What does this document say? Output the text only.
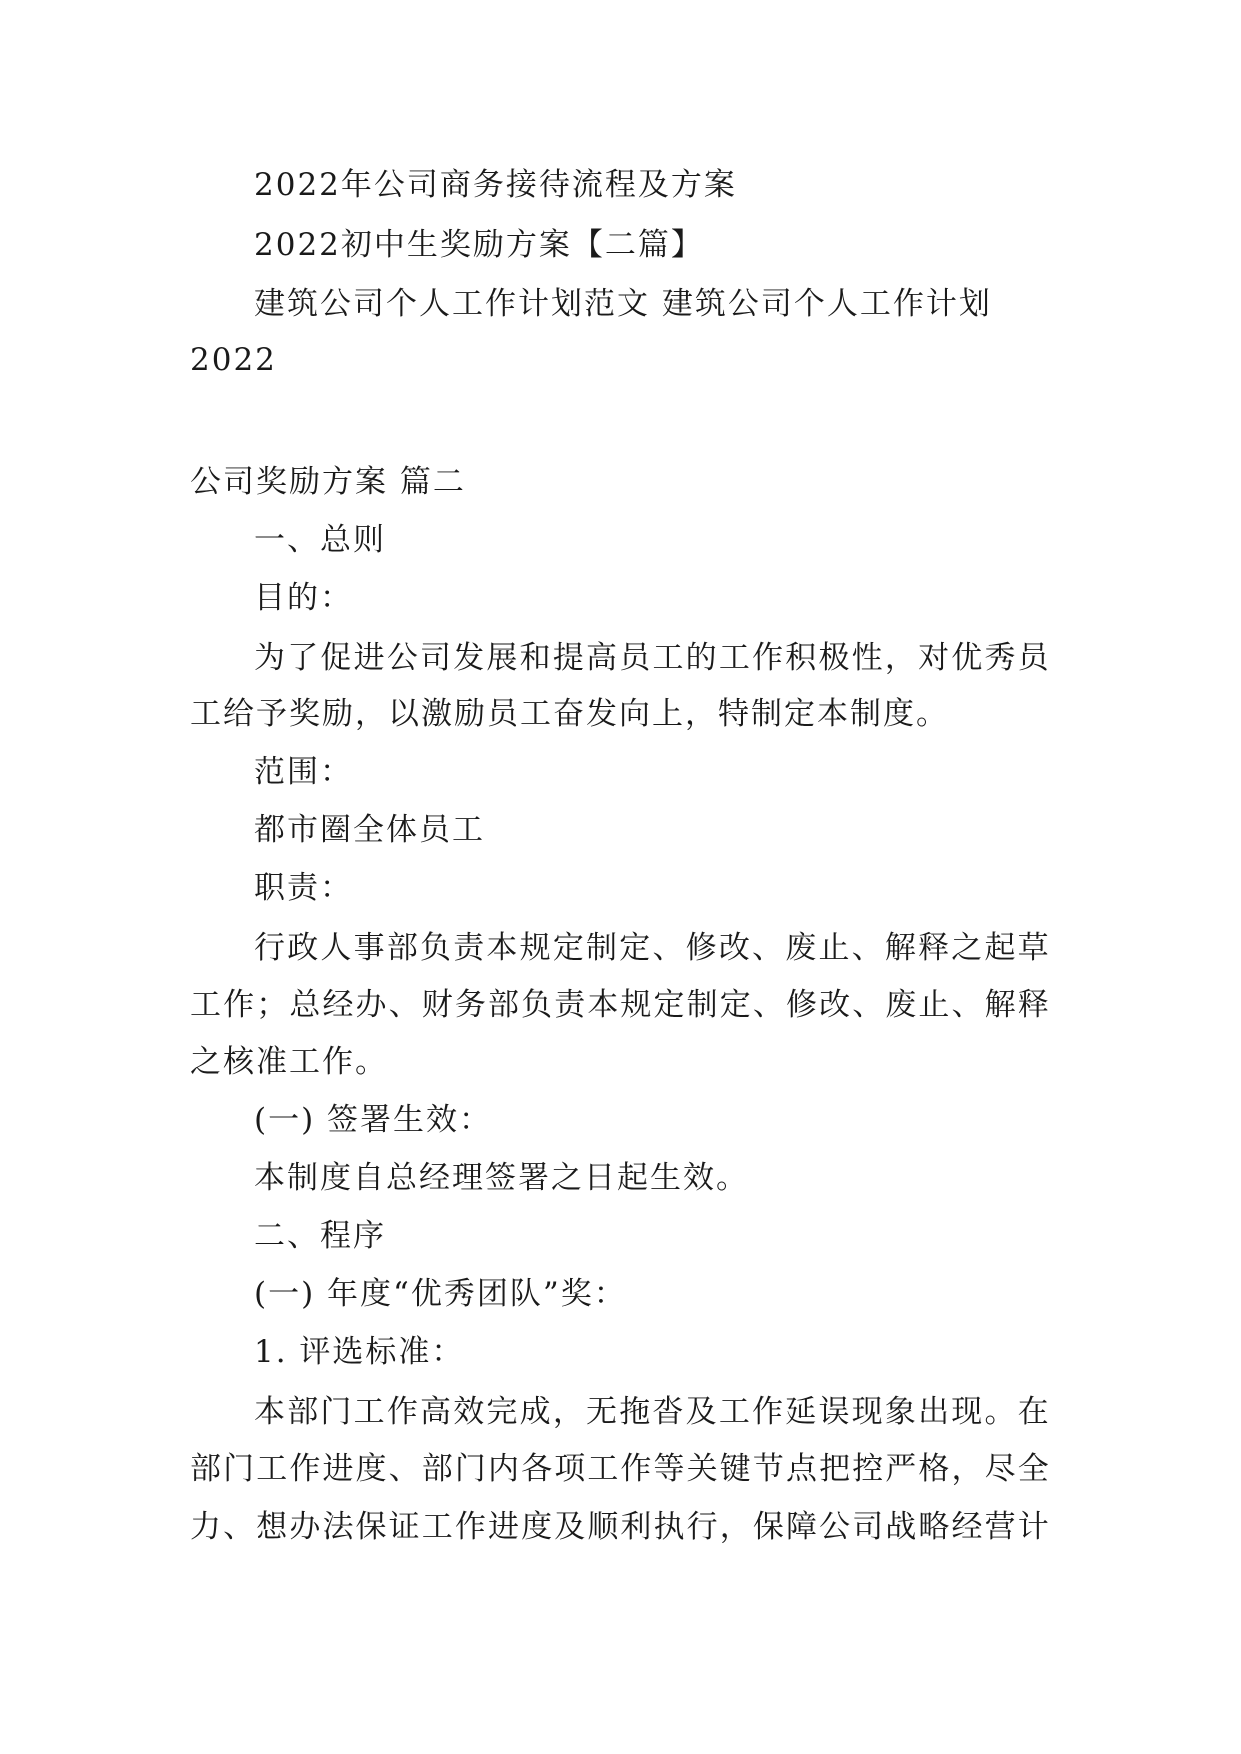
2022年公司商务接待流程及方案
2022初中生奖励方案【二篇】
建筑公司个人工作计划范文 建筑公司个人工作计划
2022
公司奖励方案 篇二
一、总则
目的：
为 了 促 进 公 司 发 展 和 提 高 员 工 的 工 作 积 极 性 ， 对 优 秀 员
工给予奖励，以激励员工奋发向上，特制定本制度。
范围：
都市圈全体员工
职责：
行 政 人 事 部 负 责 本 规 定 制 定 、 修 改 、 废 止 、 解 释 之 起 草
工 作 ； 总 经 办 、 财 务 部 负 责 本 规 定 制 定 、 修 改 、 废 止 、 解 释
之核准工作。
(一) 签署生效：
本制度自总经理签署之日起生效。
二、程序
(一) 年度“优秀团队”奖：
1. 评选标准：
本 部 门 工 作 高 效 完 成 ， 无 拖 沓 及 工 作 延 误 现 象 出 现 。 在
部 门 工 作 进 度 、 部 门 内 各 项 工 作 等 关 键 节 点 把 控 严 格 ， 尽 全
力 、 想 办 法 保 证 工 作 进 度 及 顺 利 执 行 ， 保 障 公 司 战 略 经 营 计
